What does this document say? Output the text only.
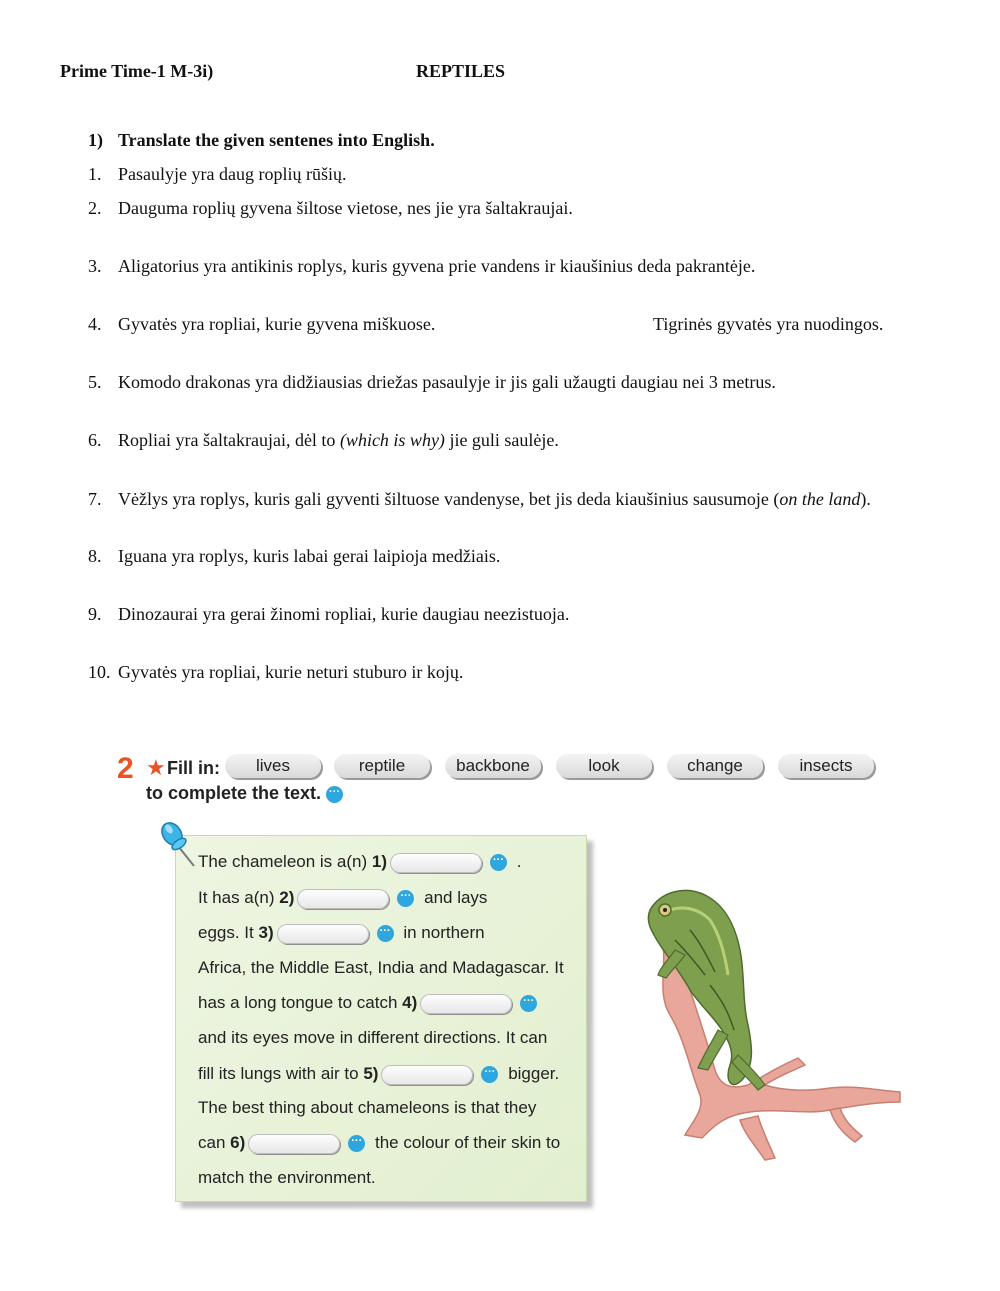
Prime Time-1 M-3i)	REPTILES
1) Translate the given sentenes into English.
1. Pasaulyje yra daug roplių rūšių.
2. Dauguma roplių gyvena šiltose vietose, nes jie yra šaltakraujai.
3. Aligatorius yra antikinis roplys, kuris gyvena prie vandens ir kiaušinius deda pakrantėje.
4. Gyvatės yra ropliai, kurie gyvena miškuose.	Tigrinės gyvatės yra nuodingos.
5. Komodo drakonas yra didžiausias driežas pasaulyje ir jis gali užaugti daugiau nei 3 metrus.
6. Ropliai yra šaltakraujai, dėl to (which is why) jie guli saulėje.
7. Vėžlys yra roplys, kuris gali gyventi šiltuose vandenyse, bet jis deda kiaušinius sausumoje (on the land).
8. Iguana yra roplys, kuris labai gerai laipioja medžiais.
9. Dinozaurai yra gerai žinomi ropliai, kurie daugiau neezistuoja.
10. Gyvatės yra ropliai, kurie neturi stuburo ir kojų.
2 ★ Fill in:	lives	reptile	backbone	look	change	insects
to complete the text. ···
The chameleon is a(n) 1)	··· .
It has a(n) 2)	··· and lays
eggs. It 3)	··· in northern
Africa, the Middle East, India and Madagascar. It
has a long tongue to catch 4)	···
and its eyes move in different directions. It can
fill its lungs with air to 5)	··· bigger.
The best thing about chameleons is that they
can 6)	··· the colour of their skin to
match the environment.
